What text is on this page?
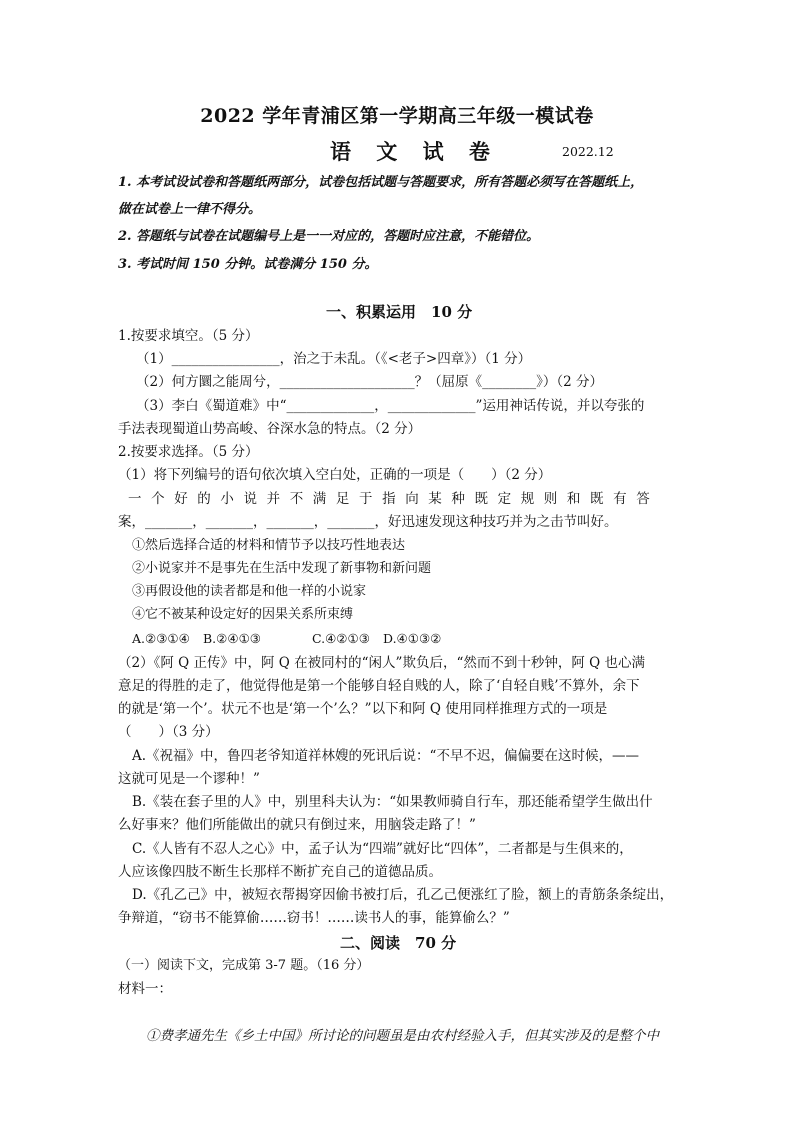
2022 学年青浦区第一学期高三年级一模试卷
语 文 试 卷	2022.12
1. 本考试设试卷和答题纸两部分，试卷包括试题与答题要求，所有答题必须写在答题纸上，
做在试卷上一律不得分。
2. 答题纸与试卷在试题编号上是一一对应的，答题时应注意，不能错位。
3. 考试时间 150 分钟。试卷满分 150 分。
一、积累运用　10 分
1.按要求填空。（5 分）
（1）________________，治之于未乱。（《<老子>四章》）（1 分）
（2）何方圜之能周兮，____________________？（屈原《________》）（2 分）
（3）李白《蜀道难》中“_____________，_____________”运用神话传说，并以夸张的
手法表现蜀道山势高峻、谷深水急的特点。（2 分）
2.按要求选择。（5 分）
（1）将下列编号的语句依次填入空白处，正确的一项是（　　）（2 分）
一个好的小说并不满足于指向某种既定规则和既有答
案，_______，_______，_______，_______，好迅速发现这种技巧并为之击节叫好。
①然后选择合适的材料和情节予以技巧性地表达
②小说家并不是事先在生活中发现了新事物和新问题
③再假设他的读者都是和他一样的小说家
④它不被某种设定好的因果关系所束缚
A.②③①④ B.②④①③	C.④②①③ D.④①③②
（2）《阿 Q 正传》中，阿 Q 在被同村的“闲人”欺负后，“然而不到十秒钟，阿 Q 也心满
意足的得胜的走了，他觉得他是第一个能够自轻自贱的人，除了‘自轻自贱’不算外，余下
的就是‘第一个’。状元不也是‘第一个’么？”以下和阿 Q 使用同样推理方式的一项是
（　　）（3 分）
A.《祝福》中，鲁四老爷知道祥林嫂的死讯后说：“不早不迟，偏偏要在这时候，——
这就可见是一个谬种！”
B.《装在套子里的人》中，别里科夫认为：“如果教师骑自行车，那还能希望学生做出什
么好事来？他们所能做出的就只有倒过来，用脑袋走路了！”
C.《人皆有不忍人之心》中，孟子认为“四端”就好比“四体”，二者都是与生俱来的，
人应该像四肢不断生长那样不断扩充自己的道德品质。
D.《孔乙己》中，被短衣帮揭穿因偷书被打后，孔乙己便涨红了脸，额上的青筋条条绽出，
争辩道，“窃书不能算偷……窃书！……读书人的事，能算偷么？”
二、阅读　70 分
（一）阅读下文，完成第 3-7 题。（16 分）
材料一：
①费孝通先生《乡土中国》所讨论的问题虽是由农村经验入手，但其实涉及的是整个中
